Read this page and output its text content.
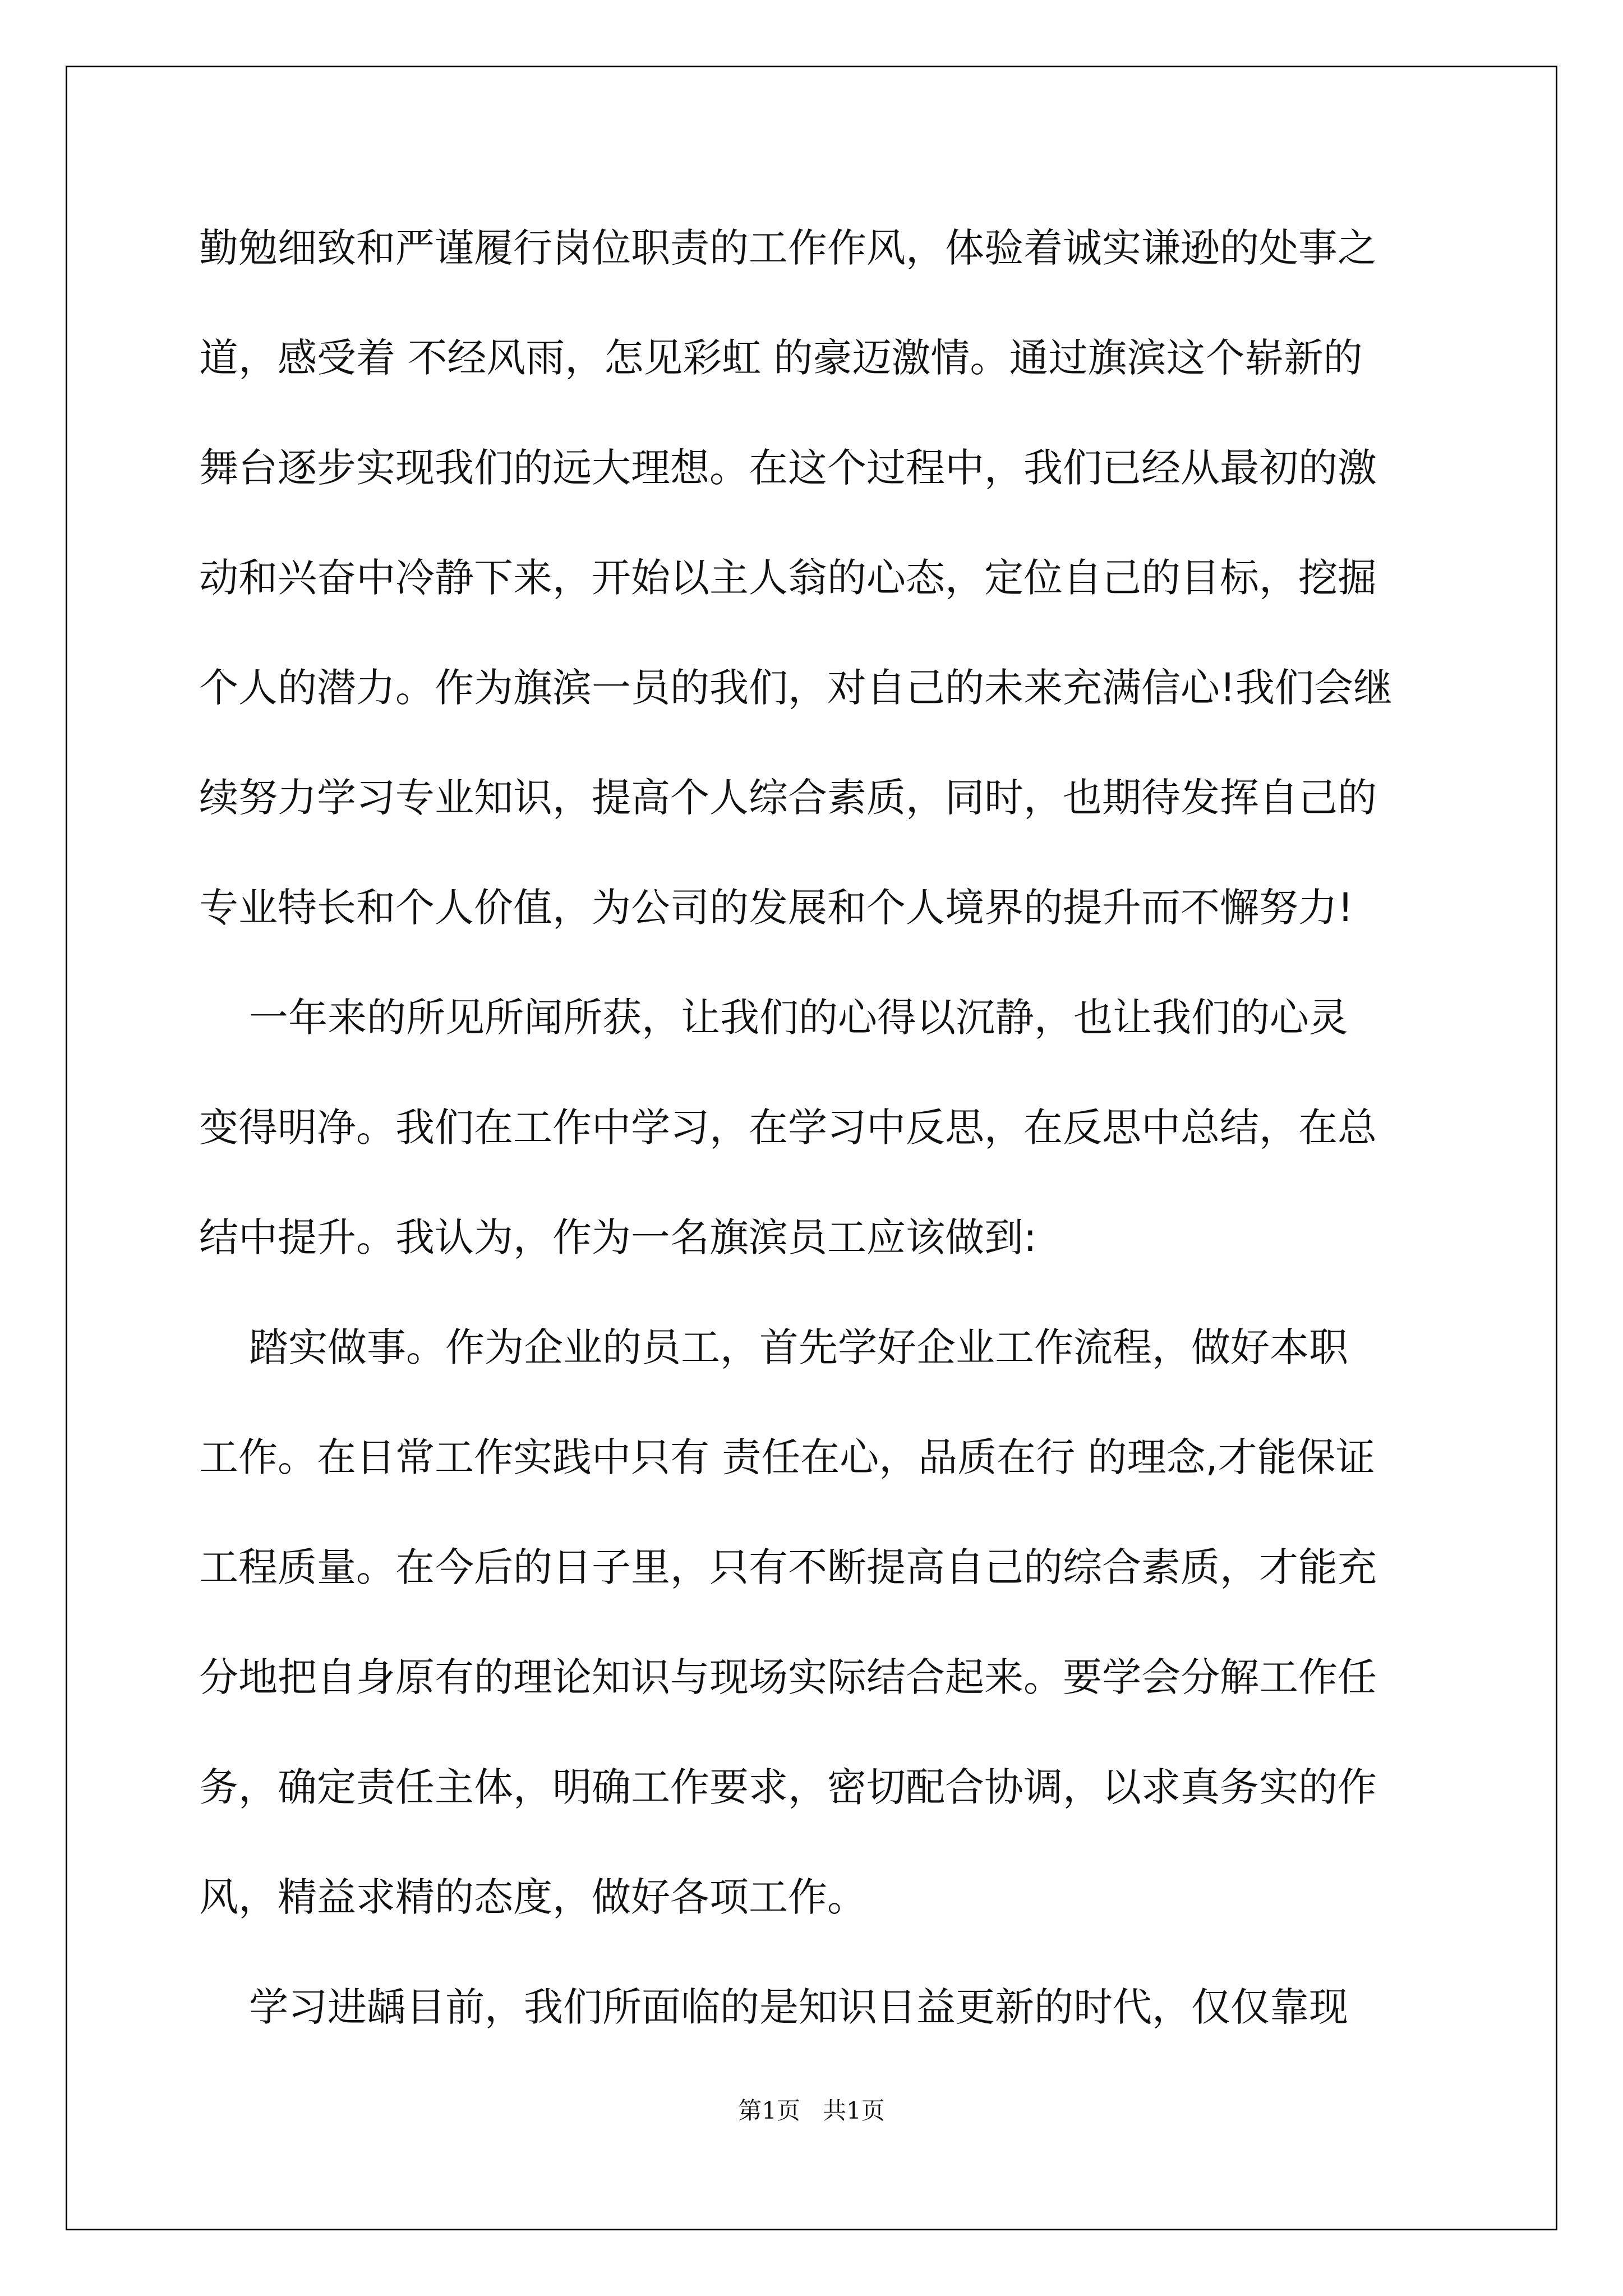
勤勉细致和严谨履行岗位职责的工作作风，体验着诚实谦逊的处事之
道，感受着 不经风雨，怎见彩虹 的豪迈激情。通过旗滨这个崭新的
舞台逐步实现我们的远大理想。在这个过程中，我们已经从最初的激
动和兴奋中冷静下来，开始以主人翁的心态，定位自己的目标，挖掘
个人的潜力。作为旗滨一员的我们，对自己的未来充满信心!我们会继
续努力学习专业知识，提高个人综合素质，同时，也期待发挥自己的
专业特长和个人价值，为公司的发展和个人境界的提升而不懈努力!
一年来的所见所闻所获，让我们的心得以沉静，也让我们的心灵
变得明净。我们在工作中学习，在学习中反思，在反思中总结，在总
结中提升。我认为，作为一名旗滨员工应该做到:
踏实做事。作为企业的员工，首先学好企业工作流程，做好本职
工作。在日常工作实践中只有 责任在心，品质在行 的理念,才能保证
工程质量。在今后的日子里，只有不断提高自己的综合素质，才能充
分地把自身原有的理论知识与现场实际结合起来。要学会分解工作任
务，确定责任主体，明确工作要求，密切配合协调，以求真务实的作
风，精益求精的态度，做好各项工作。
学习进龋目前，我们所面临的是知识日益更新的时代，仅仅靠现
第1页   共1页
